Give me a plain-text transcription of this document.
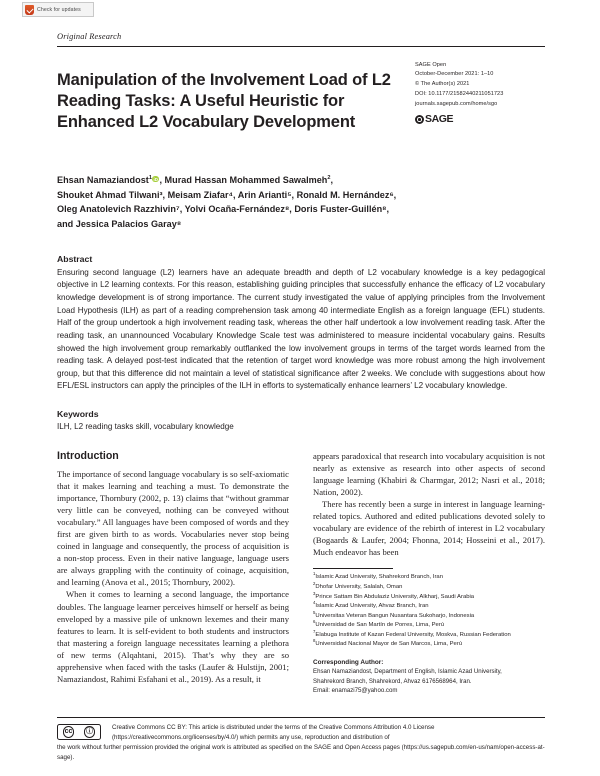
Check for updates
Original Research
Manipulation of the Involvement Load of L2 Reading Tasks: A Useful Heuristic for Enhanced L2 Vocabulary Development
SAGE Open
October-December 2021: 1–10
© The Author(s) 2021
DOI: 10.1177/21582440211051723
journals.sagepub.com/home/sgo
SAGE
Ehsan Namaziandost$^1$ iD , Murad Hassan Mohammed Sawalmeh$^2$,
Shouket Ahmad Tilwani³, Meisam Ziafar⁴, Arin Arianti⁵, Ronald M. Hernández⁶,
Oleg Anatolevich Razzhivin⁷, Yolvi Ocaña-Fernández⁸, Doris Fuster-Guillén⁸,
and Jessica Palacios Garay⁸
Abstract
Ensuring second language (L2) learners have an adequate breadth and depth of L2 vocabulary knowledge is a key pedagogical objective in L2 learning contexts. For this reason, establishing guiding principles that successfully enhance the efficacy of L2 vocabulary knowledge development is of strong importance. The current study investigated the value of applying principles from the Involvement Load Hypothesis (ILH) as part of a reading comprehension task among 40 intermediate English as a foreign language (EFL) students. Half of the group undertook a high involvement reading task, whereas the other half undertook a low involvement reading task. After the reading task, an unannounced Vocabulary Knowledge Scale test was administered to measure incidental vocabulary gains. Results showed the high involvement group remarkably outflanked the low involvement groups in terms of the target words learned from the reading task. A delayed post-test indicated that the retention of target word knowledge was more robust among the high involvement group, but that this difference did not maintain a level of statistical significance after 2 weeks. We conclude with suggestions about how EFL/ESL instructors can apply the principles of the ILH in efforts to systematically enhance learners’ L2 vocabulary knowledge.
Keywords
ILH, L2 reading tasks skill, vocabulary knowledge
Introduction

The importance of second language vocabulary is so self-axiomatic that it makes learning and teaching a must. To demonstrate the importance, Thornbury (2002, p. 13) claims that “without grammar very little can be conveyed, nothing can be conveyed without vocabulary.” All languages have been composed of words and they first are given birth to as words. Vocabularies never stop being coined in language and consequently, the process of acquisition is a non-stop process. Even in their native language, language users are always grappling with the continuity of coinage, acquisition, and learning (Anova et al., 2015; Thornbury, 2002).

When it comes to learning a second language, the importance doubles. The language learner perceives himself or herself as being enveloped by a massive pile of unknown lexemes and their many features to learn. It is self-evident to both students and instructors that mastering a foreign language necessitates learning a plethora of new terms (Alqahtani, 2015). That’s why they are so apprehensive when faced with the tasks (Laufer & Hulstijn, 2001; Namaziandost, Rahimi Esfahani et al., 2019). As a result, it

appears paradoxical that research into vocabulary acquisition is not nearly as extensive as research into other aspects of second language learning (Khabiri & Charmgar, 2012; Nasri et al., 2018; Nation, 2002).

There has recently been a surge in interest in language learning-related topics. Authored and edited publications devoted solely to vocabulary are evidence of the rebirth of interest in L2 vocabulary (Bogaards & Laufer, 2004; Fhonna, 2014; Hosseini et al., 2017). Much endeavor has been

$^1$Islamic Azad University, Shahrekord Branch, Iran
$^2$Dhofar University, Salalah, Oman
$^3$Prince Sattam Bin Abdulaziz University, Alkharj, Saudi Arabia
$^4$Islamic Azad University, Ahvaz Branch, Iran
$^5$Universitas Veteran Bangun Nusantara Sukoharjo, Indonesia
$^6$Universidad de San Martín de Porres, Lima, Perú
$^7$Elabuga Institute of Kazan Federal University, Moskva, Russian Federation
$^8$Universidad Nacional Mayor de San Marcos, Lima, Perú
Corresponding Author:
Ehsan Namaziandost, Department of English, Islamic Azad University,
Shahrekord Branch, Shahrekord, Ahvaz 6176568964, Iran.
Email: enamazi75@yahoo.com
cc	ⓘ
Creative Commons CC BY: This article is distributed under the terms of the Creative Commons Attribution 4.0 License (https://creativecommons.org/licenses/by/4.0/) which permits any use, reproduction and distribution of
the work without further permission provided the original work is attributed as specified on the SAGE and Open Access pages (https://us.sagepub.com/en-us/nam/open-access-at-sage).
